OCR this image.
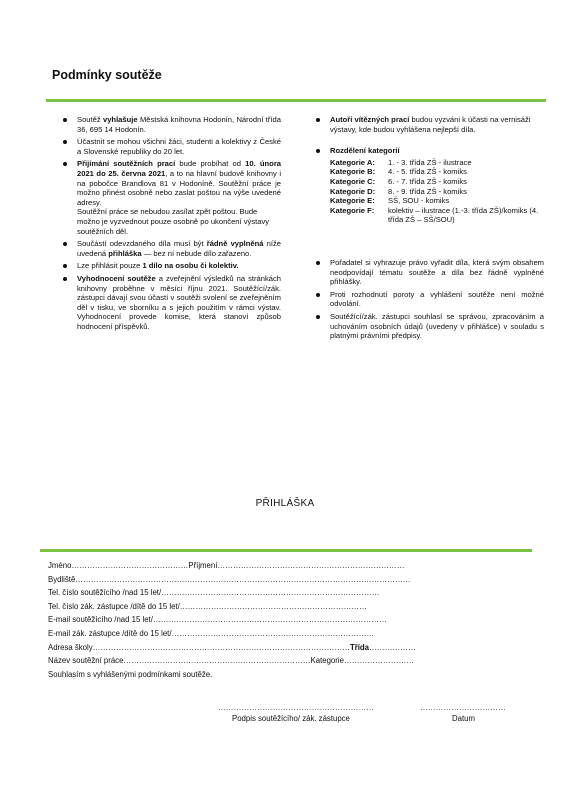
Podmínky soutěže

Soutěž vyhlašuje Městská knihovna Hodonín, Národní třída 36, 695 14 Hodonín.

Účastnit se mohou všichni žáci, studenti a kolektivy z České a Slovenské republiky do 20 let.

Přijímání soutěžních prací bude probíhat od 10. února 2021 do 25. června 2021, a to na hlavní budově knihovny i na pobočce Brandlova 81 v Hodoníně. Soutěžní práce je možno přinést osobně nebo zaslat poštou na výše uvedené adresy.

Soutěžní práce se nebudou zasílat zpět poštou. Bude možno je vyzvednout pouze osobně po ukončení výstavy soutěžních děl.

Součástí odevzdaného díla musí být řádně vyplněná níže uvedená přihláška — bez ní nebude dílo zařazeno.

Lze přihlásit pouze 1 dílo na osobu či kolektiv.

Vyhodnocení soutěže a zveřejnění výsledků na stránkách knihovny proběhne v měsíci říjnu 2021. Soutěžící/zák. zástupci dávají svou účastí v soutěži svolení se zveřejněním děl v tisku, ve sborníku a s jejich použitím v rámci výstav. Vyhodnocení provede komise, která stanoví způsob hodnocení příspěvků.

Autoři vítězných prací budou vyzváni k účasti na vernisáži výstavy, kde budou vyhlášena nejlepší díla.

Rozdělení kategorií

Kategorie A:	1. - 3. třída ZŠ - ilustrace
Kategorie B:	4. - 5. třída ZŠ - komiks
Kategorie C:	6. - 7. třída ZŠ - komiks
Kategorie D:	8. - 9. třída ZŠ - komiks
Kategorie E:	SŠ, SOU - komiks
Kategorie F:	kolektiv – ilustrace (1.-3. třída ZŠ)/komiks (4. třída ZŠ – SŠ/SOU)

Pořadatel si vyhrazuje právo vyřadit díla, která svým obsahem neodpovídají tématu soutěže a díla bez řádně vyplněné přihlášky.

Proti rozhodnutí poroty a vyhlášení soutěže není možné odvolání.

Soutěžící/zák. zástupci souhlasí se správou, zpracováním a uchováním osobních údajů (uvedeny v přihlášce) v souladu s platnými právními předpisy.

PŘIHLÁŠKA
Jméno………………………………………Příjmení………………………………………………………………
Bydliště…………………………………………………………………………………………………………………
Tel. číslo soutěžícího /nad 15 let/…………………………………………………………………………
Tel. číslo zák. zástupce /dítě do 15 let/………………………………………………………………
E-mail soutěžícího /nad 15 let/………………………………………………………………………………
E-mail zák. zástupce /dítě do 15 let/……………………………………………………………………
Adresa školy………………………………………………………………………………………Třída………………
Název soutěžní práce………………………………………………………………Kategorie………………………
Souhlasím s vyhlášenými podmínkami soutěže.
……………………………………………………	……………………………
Podpis soutěžícího/ zák. zástupce	Datum
